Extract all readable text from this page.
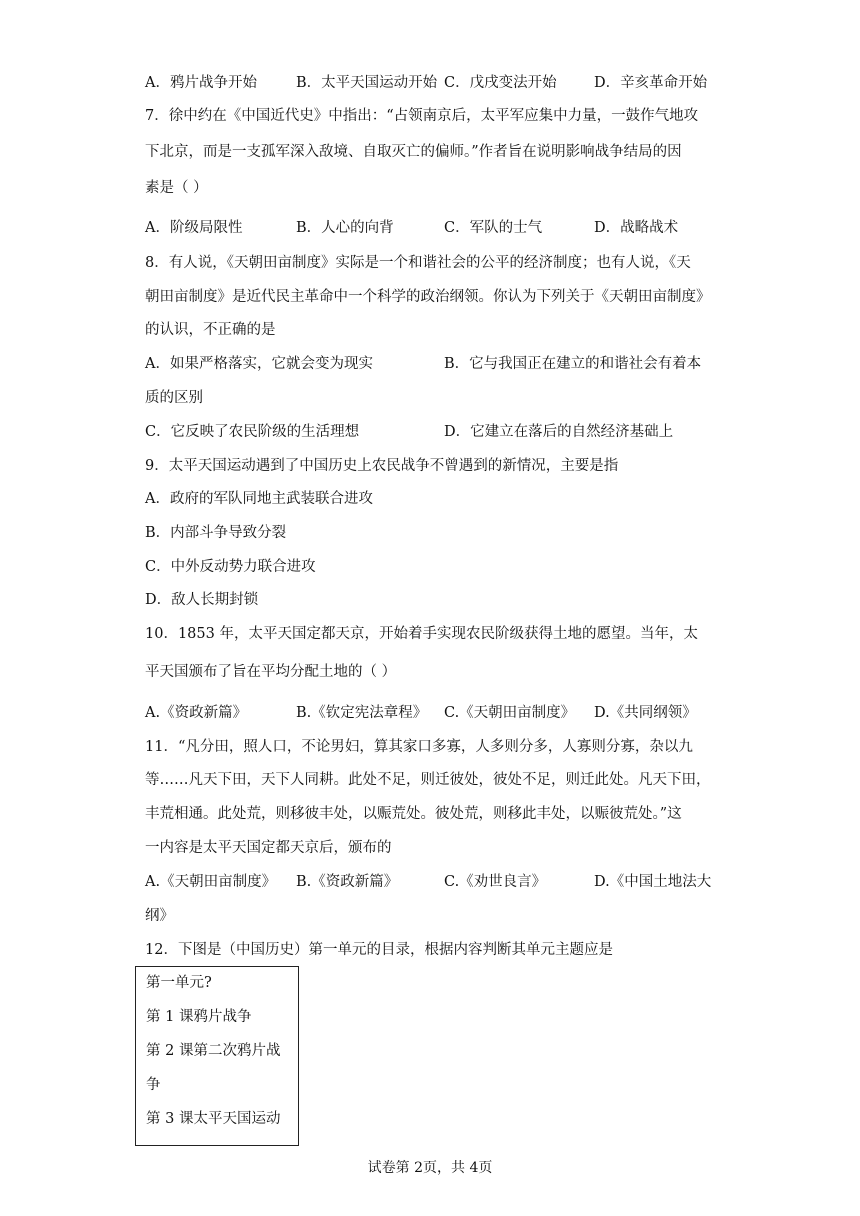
A．鸦片战争开始	B．太平天国运动开始 C．戊戌变法开始	D．辛亥革命开始
7．徐中约在《中国近代史》中指出：“占领南京后，太平军应集中力量，一鼓作气地攻
下北京，而是一支孤军深入敌境、自取灭亡的偏师。”作者旨在说明影响战争结局的因
素是（ ）
A．阶级局限性	B．人心的向背	C．军队的士气	D．战略战术
8．有人说，《天朝田亩制度》实际是一个和谐社会的公平的经济制度；也有人说，《天
朝田亩制度》是近代民主革命中一个科学的政治纲领。你认为下列关于《天朝田亩制度》
的认识，不正确的是
A．如果严格落实，它就会变为现实	B．它与我国正在建立的和谐社会有着本
质的区别
C．它反映了农民阶级的生活理想	D．它建立在落后的自然经济基础上
9．太平天国运动遇到了中国历史上农民战争不曾遇到的新情况，主要是指
A．政府的军队同地主武装联合进攻
B．内部斗争导致分裂
C．中外反动势力联合进攻
D．敌人长期封锁
10．1853 年，太平天国定都天京，开始着手实现农民阶级获得土地的愿望。当年，太
平天国颁布了旨在平均分配土地的（ ）
A.《资政新篇》	B.《钦定宪法章程》 C.《天朝田亩制度》 D.《共同纲领》
11．“凡分田，照人口，不论男妇，算其家口多寡，人多则分多，人寡则分寡，杂以九
等……凡天下田，天下人同耕。此处不足，则迁彼处，彼处不足，则迁此处。凡天下田，
丰荒相通。此处荒，则移彼丰处，以赈荒处。彼处荒，则移此丰处，以赈彼荒处。”这
一内容是太平天国定都天京后，颁布的
A.《天朝田亩制度》 B.《资政新篇》	C.《劝世良言》	D.《中国土地法大
纲》
12．下图是（中国历史）第一单元的目录，根据内容判断其单元主题应是
第一单元?
第 1 课鸦片战争
第 2 课第二次鸦片战
争
第 3 课太平天国运动
试卷第 2页，共 4页
